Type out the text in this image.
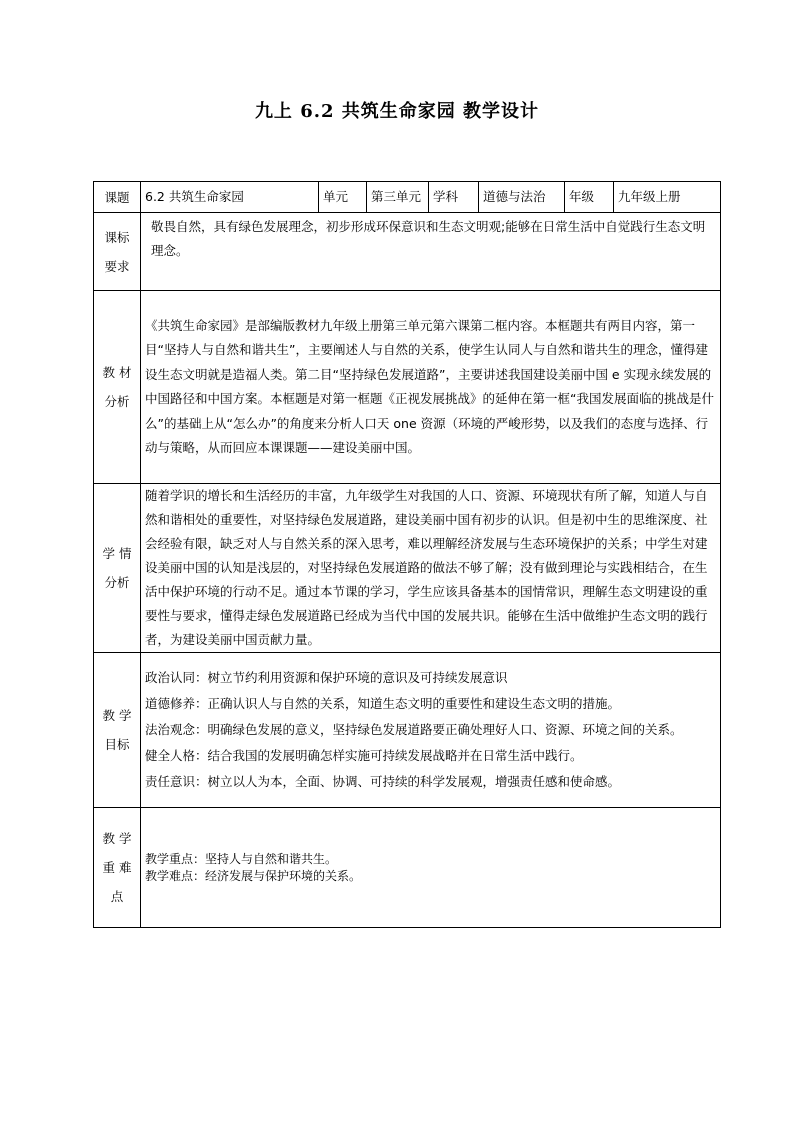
九上 6.2 共筑生命家园 教学设计
课题	6.2 共筑生命家园	单元	第三单元	学科	道德与法治	年级	九年级上册

课标
要求	敬畏自然，具有绿色发展理念，初步形成环保意识和生态文明观;能够在日常生活中自觉践行生态文明理念。						

教 材
分析	《共筑生命家园》是部编版教材九年级上册第三单元第六课第二框内容。本框题共有两目内容，第一目“坚持人与自然和谐共生”，主要阐述人与自然的关系，使学生认同人与自然和谐共生的理念，懂得建设生态文明就是造福人类。第二目“坚持绿色发展道路”，主要讲述我国建设美丽中国 e 实现永续发展的中国路径和中国方案。本框题是对第一框题《正视发展挑战》的延伸在第一框“我国发展面临的挑战是什么”的基础上从“怎么办”的角度来分析人口天 one 资源（环境的严峻形势，以及我们的态度与选择、行动与策略，从而回应本课课题——建设美丽中国。						

学 情
分析	随着学识的增长和生活经历的丰富，九年级学生对我国的人口、资源、环境现状有所了解，知道人与自然和谐相处的重要性，对坚持绿色发展道路，建设美丽中国有初步的认识。但是初中生的思维深度、社会经验有限，缺乏对人与自然关系的深入思考，难以理解经济发展与生态环境保护的关系；中学生对建设美丽中国的认知是浅层的，对坚持绿色发展道路的做法不够了解；没有做到理论与实践相结合，在生活中保护环境的行动不足。通过本节课的学习，学生应该具备基本的国情常识，理解生态文明建设的重要性与要求，懂得走绿色发展道路已经成为当代中国的发展共识。能够在生活中做维护生态文明的践行者，为建设美丽中国贡献力量。						

教 学
目标	政治认同：树立节约利用资源和保护环境的意识及可持续发展意识
道德修养：正确认识人与自然的关系，知道生态文明的重要性和建设生态文明的措施。
法治观念：明确绿色发展的意义，坚持绿色发展道路要正确处理好人口、资源、环境之间的关系。
健全人格：结合我国的发展明确怎样实施可持续发展战略并在日常生活中践行。
责任意识：树立以人为本，全面、协调、可持续的科学发展观，增强责任感和使命感。						

教 学
重 难
点	教学重点：坚持人与自然和谐共生。
教学难点：经济发展与保护环境的关系。						
